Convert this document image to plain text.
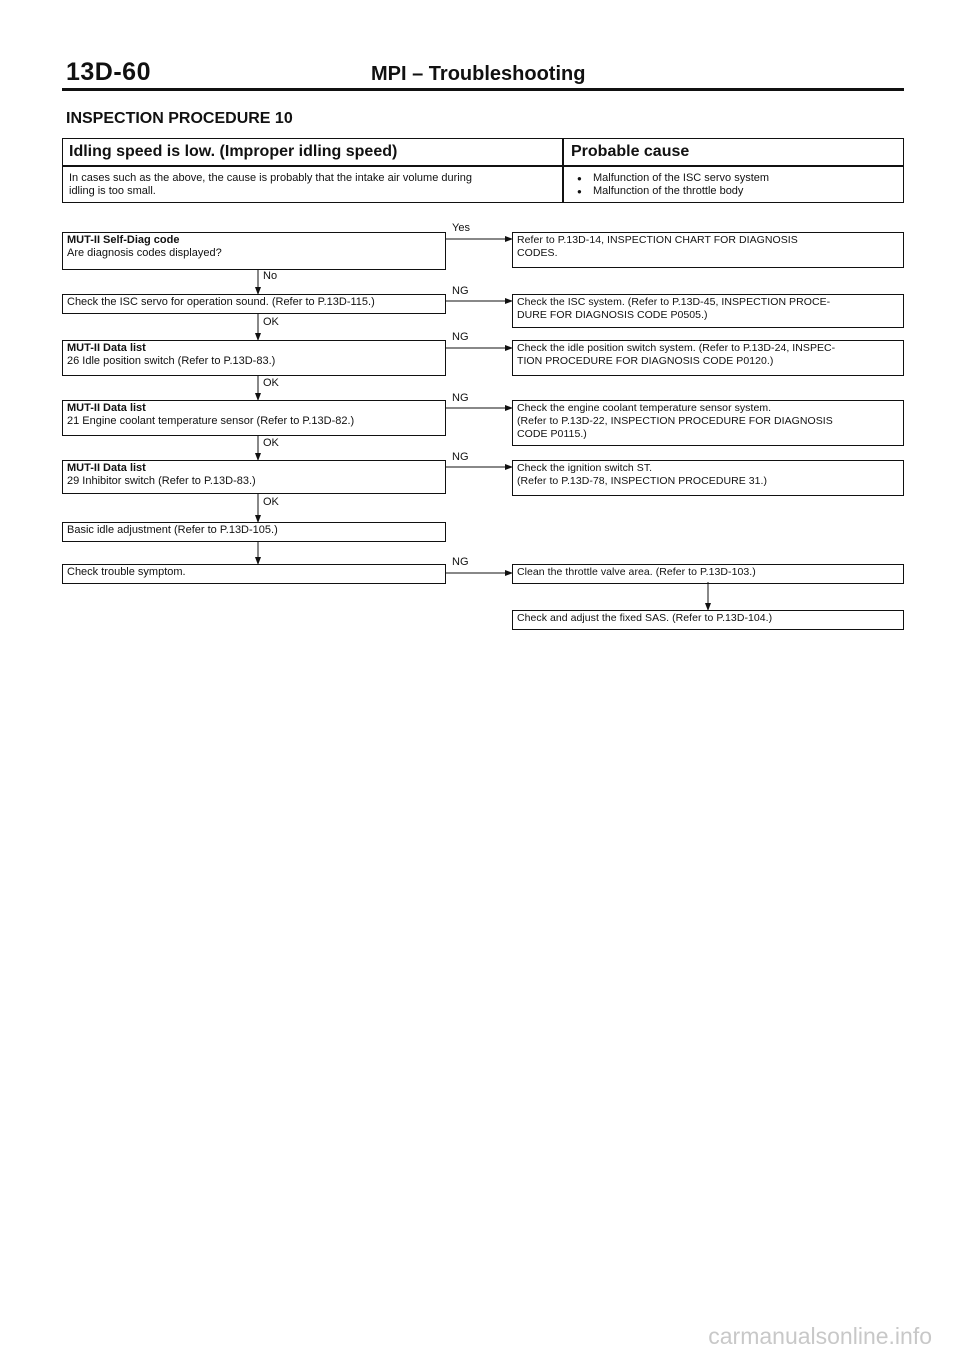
13D-60	MPI – Troubleshooting
INSPECTION PROCEDURE 10
Idling speed is low. (Improper idling speed)	Probable cause
In cases such as the above, the cause is probably that the intake air volume during
idling is too small.
● Malfunction of the ISC servo system
● Malfunction of the throttle body
MUT-II Self-Diag code
Are diagnosis codes displayed?
Check the ISC servo for operation sound. (Refer to P.13D-115.)
MUT-II Data list
26 Idle position switch (Refer to P.13D-83.)
MUT-II Data list
21 Engine coolant temperature sensor (Refer to P.13D-82.)
MUT-II Data list
29 Inhibitor switch (Refer to P.13D-83.)
Basic idle adjustment (Refer to P.13D-105.)
Check trouble symptom.
No
OK
OK
OK
OK
Yes
NG
NG
NG
NG
NG
Refer to P.13D-14, INSPECTION CHART FOR DIAGNOSIS
CODES.
Check the ISC system. (Refer to P.13D-45, INSPECTION PROCE-
DURE FOR DIAGNOSIS CODE P0505.)
Check the idle position switch system. (Refer to P.13D-24, INSPEC-
TION PROCEDURE FOR DIAGNOSIS CODE P0120.)
Check the engine coolant temperature sensor system.
(Refer to P.13D-22, INSPECTION PROCEDURE FOR DIAGNOSIS
CODE P0115.)
Check the ignition switch ST.
(Refer to P.13D-78, INSPECTION PROCEDURE 31.)
Clean the throttle valve area. (Refer to P.13D-103.)
Check and adjust the fixed SAS. (Refer to P.13D-104.)
carmanualsonline.info
